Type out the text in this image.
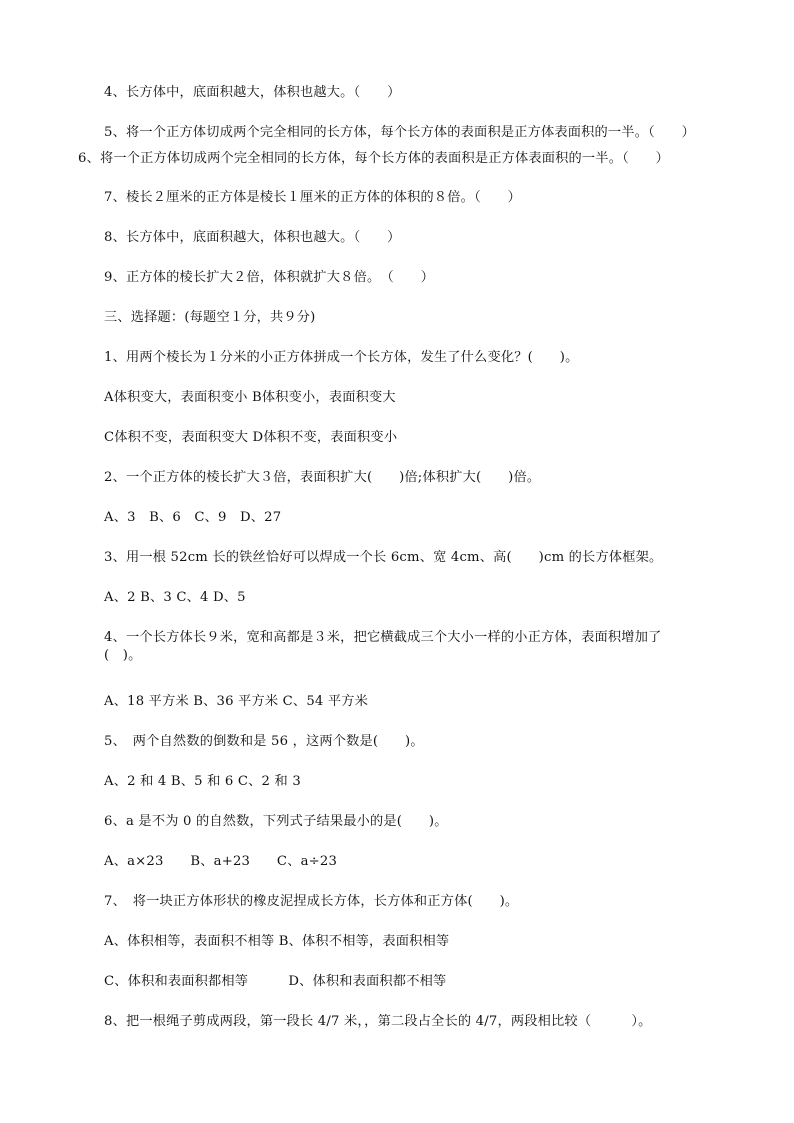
4、长方体中，底面积越大，体积也越大。（　　）
5、将一个正方体切成两个完全相同的长方体，每个长方体的表面积是正方体表面积的一半。（　　）
6、将一个正方体切成两个完全相同的长方体，每个长方体的表面积是正方体表面积的一半。（　　）
7、棱长２厘米的正方体是棱长１厘米的正方体的体积的８倍。（　　）
8、长方体中，底面积越大，体积也越大。（　　）
9、正方体的棱长扩大２倍，体积就扩大８倍。　（　　）
三、选择题：(每题空１分，共９分)
1、用两个棱长为１分米的小正方体拼成一个长方体，发生了什么变化？(　　)。
A体积变大，表面积变小 B体积变小，表面积变大
C体积不变，表面积变大 D体积不变，表面积变小
2、一个正方体的棱长扩大３倍，表面积扩大(　　)倍;体积扩大(　　)倍。
A、3　B、6　C、9　D、27
3、用一根 52cm 长的铁丝恰好可以焊成一个长 6cm、宽 4cm、高(　　)cm 的长方体框架。
A、2 B、3 C、4 D、5
4、一个长方体长９米，宽和高都是３米，把它横截成三个大小一样的小正方体，表面积增加了(　)。
A、18 平方米 B、36 平方米 C、54 平方米
5、　两个自然数的倒数和是 56 ，这两个数是(　　)。
A、2 和 4 B、5 和 6 C、2 和 3
6、a 是不为 0 的自然数，下列式子结果最小的是(　　)。
A、a×23　　B、a+23　　C、a÷23
7、　将一块正方体形状的橡皮泥捏成长方体，长方体和正方体(　　)。
A、体积相等，表面积不相等 B、体积不相等，表面积相等
C、体积和表面积都相等　　　D、体积和表面积都不相等
8、把一根绳子剪成两段，第一段长 4/7 米，，第二段占全长的 4/7，两段相比较（　　　）。
